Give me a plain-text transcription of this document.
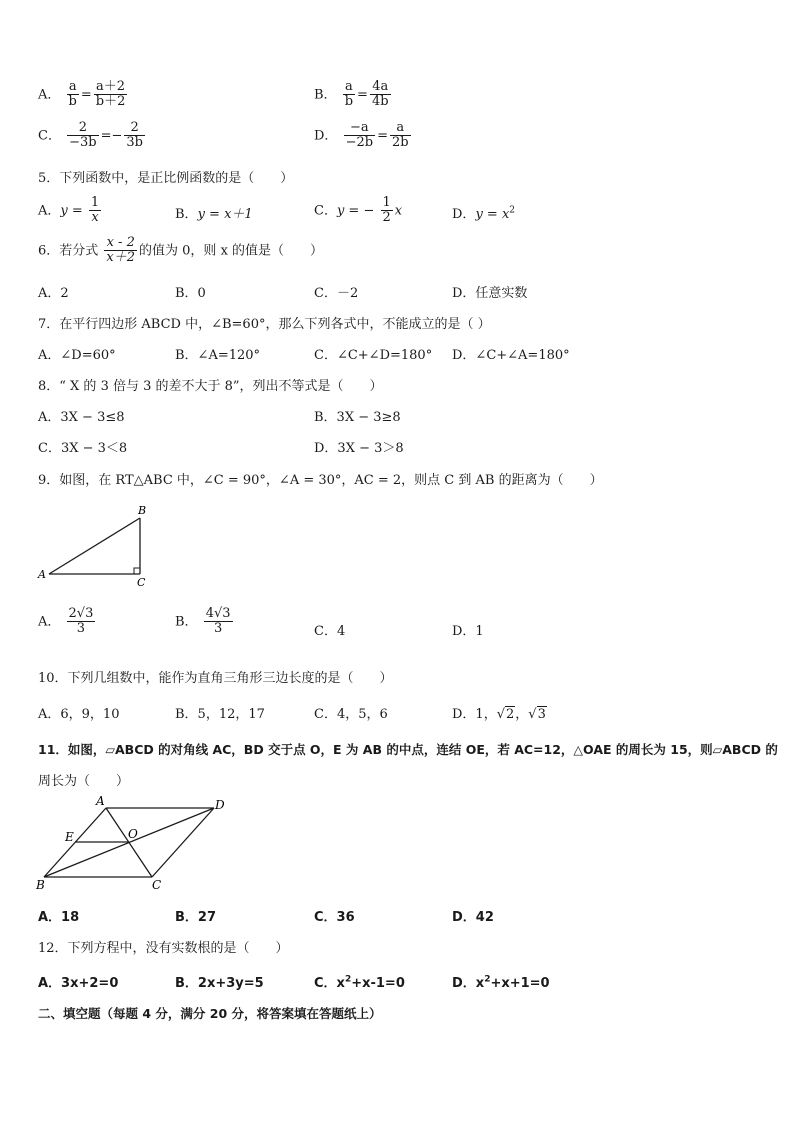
A． $\frac{a}{b} = \frac{a+2}{b+2}$	B． $\frac{a}{b} = \frac{4a}{4b}$
C． $\frac{2}{-3b} =- \frac{2}{3b}$	D． $\frac{-a}{-2b} = \frac{a}{2b}$
5．下列函数中，是正比例函数的是（　　）
A．$y = \frac{1}{x}$	B．y = x＋1	C．y = − $\frac{1}{2}$ x	D．$y = x^2$
6．若分式 $\frac{x - 2}{x+2}$ 的值为 0，则 x 的值是（　　）
A．2	B．0	C．－2	D．任意实数
7．在平行四边形 ABCD 中，∠B=60°，那么下列各式中，不能成立的是（ ）
A．∠D=60°	B．∠A=120°	C．∠C+∠D=180° D．∠C+∠A=180°
8．“ X 的 3 倍与 3 的差不大于 8”，列出不等式是（　　）
A．3X − 3≤8	B．3X − 3≥8
C．3X − 3＜8	D．3X − 3＞8
9．如图，在 RT△ABC 中，∠C = 90°，∠A = 30°，AC = 2，则点 C 到 AB 的距离为（　　）
A
B
C
A． $\frac{2√3}{3}$	B． $\frac{4√3}{3}$	C．4	D．1
10．下列几组数中，能作为直角三角形三边长度的是（　　）
A．6，9，10	B．5，12，17	C．4，5，6	D．1，√2，√3
11．如图，▱ABCD 的对角线 AC，BD 交于点 O，E 为 AB 的中点，连结 OE，若 AC=12，△OAE 的周长为 15，则▱ABCD 的
周长为（　　）
A	D
B	C
E	O
A．18	B．27	C．36	D．42
12．下列方程中，没有实数根的是（　　）
A．3x+2=0	B．2x+3y=5	C．$x^2+x-1=0$	D．$x^2+x+1=0$
二、填空题（每题 4 分，满分 20 分，将答案填在答题纸上）
